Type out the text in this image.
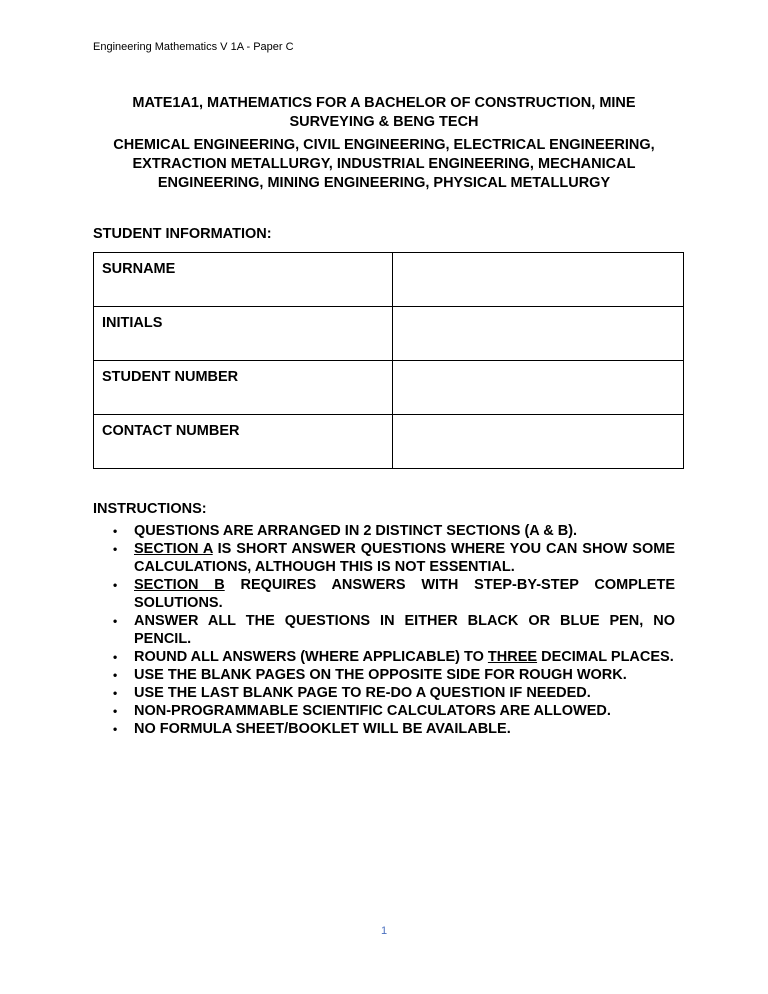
Engineering Mathematics V 1A - Paper C
MATE1A1, MATHEMATICS FOR A BACHELOR OF CONSTRUCTION, MINE SURVEYING & BENG TECH
CHEMICAL ENGINEERING, CIVIL ENGINEERING, ELECTRICAL ENGINEERING, EXTRACTION METALLURGY, INDUSTRIAL ENGINEERING, MECHANICAL ENGINEERING, MINING ENGINEERING, PHYSICAL METALLURGY
STUDENT INFORMATION:
SURNAME	
INITIALS	
STUDENT NUMBER	
CONTACT NUMBER	
INSTRUCTIONS:
• QUESTIONS ARE ARRANGED IN 2 DISTINCT SECTIONS (A & B).
• SECTION A IS SHORT ANSWER QUESTIONS WHERE YOU CAN SHOW SOME CALCULATIONS, ALTHOUGH THIS IS NOT ESSENTIAL.
• SECTION B REQUIRES ANSWERS WITH STEP-BY-STEP COMPLETE SOLUTIONS.
• ANSWER ALL THE QUESTIONS IN EITHER BLACK OR BLUE PEN, NO PENCIL.
• ROUND ALL ANSWERS (WHERE APPLICABLE) TO THREE DECIMAL PLACES.
• USE THE BLANK PAGES ON THE OPPOSITE SIDE FOR ROUGH WORK.
• USE THE LAST BLANK PAGE TO RE-DO A QUESTION IF NEEDED.
• NON-PROGRAMMABLE SCIENTIFIC CALCULATORS ARE ALLOWED.
• NO FORMULA SHEET/BOOKLET WILL BE AVAILABLE.
1
